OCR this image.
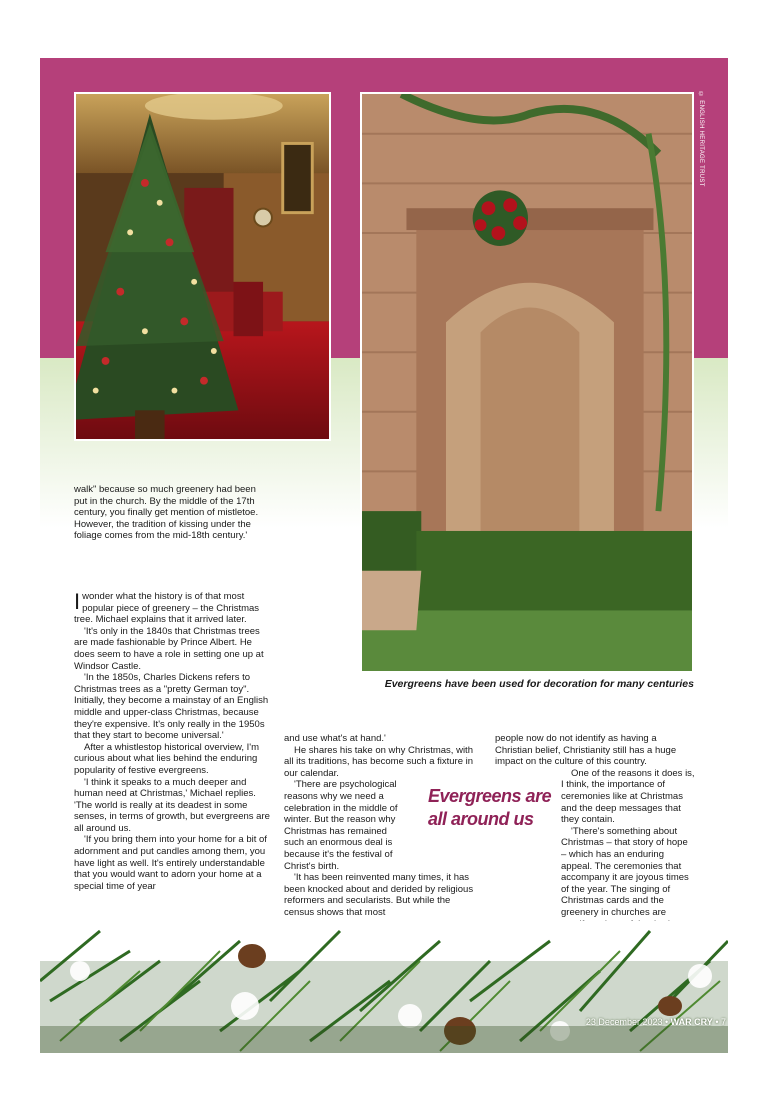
© ENGLISH HERITAGE TRUST
Evergreens have been used for decoration for many centuries

walk" because so much greenery had been put in the church. By the middle of the 17th century, you finally get mention of mistletoe. However, the tradition of kissing under the foliage comes from the mid-18th century.'

Iwonder what the history is of that most popular piece of greenery – the Christmas tree. Michael explains that it arrived later.

'It's only in the 1840s that Christmas trees are made fashionable by Prince Albert. He does seem to have a role in setting one up at Windsor Castle.

'In the 1850s, Charles Dickens refers to Christmas trees as a "pretty German toy". Initially, they become a mainstay of an English middle and upper-class Christmas, because they're expensive. It's only really in the 1950s that they start to become universal.'

After a whistlestop historical overview, I'm curious about what lies behind the enduring popularity of festive evergreens.

'I think it speaks to a much deeper and human need at Christmas,' Michael replies. 'The world is really at its deadest in some senses, in terms of growth, but evergreens are all around us.

'If you bring them into your home for a bit of adornment and put candles among them, you have light as well. It's entirely understandable that you would want to adorn your home at a special time of year

and use what's at hand.'

He shares his take on why Christmas, with all its traditions, has become such a fixture in our calendar.

'There are psychological reasons why we need a celebration in the middle of winter. But the reason why Christmas has remained such an enormous deal is because it's the festival of Christ's birth.

'It has been reinvented many times, it has been knocked about and derided by religious reformers and secularists. But while the census shows that most

Evergreens are
all around us

people now do not identify as having a Christian belief, Christianity still has a huge impact on the culture of this country.

One of the reasons it does is, I think, the importance of ceremonies like at Christmas and the deep messages that they contain.

'There's something about Christmas – that story of hope – which has an enduring appeal. The ceremonies that accompany it are joyous times of the year. The singing of Christmas cards and the greenery in churches are

23 December 2023 • WAR CRY • 7
